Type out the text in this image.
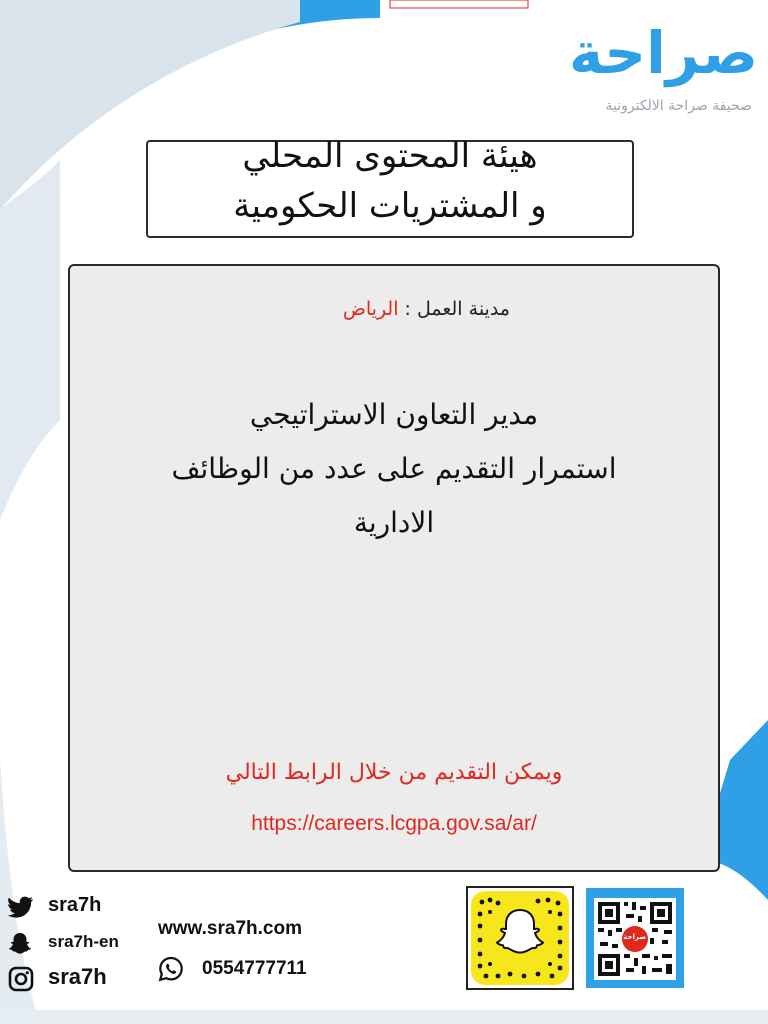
صراحة
صحيفة صراحة الالكترونية
هيئة المحتوى المحلي
و المشتريات الحكومية
مدينة العمل : الرياض
مدير التعاون الاستراتيجي
استمرار التقديم على عدد من الوظائف
الادارية
ويمكن التقديم من خلال الرابط التالي
https://careers.lcgpa.gov.sa/ar/
sra7h
sra7h-en
sra7h
www.sra7h.com
0554777711
صراحة
